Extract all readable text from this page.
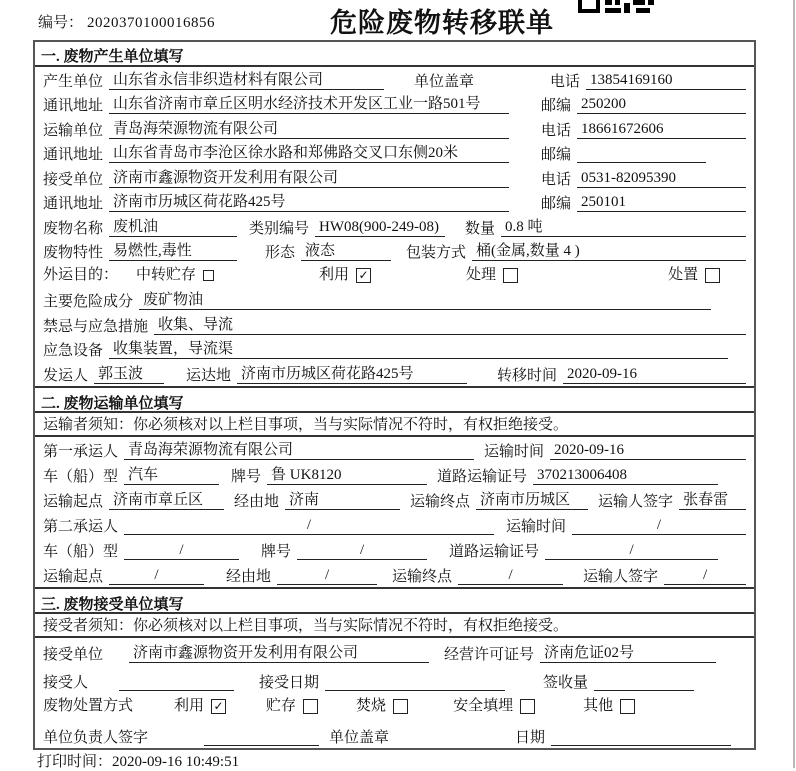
编号： 2020370100016856	危险废物转移联单
一. 废物产生单位填写
产生单位 山东省永信非织造材料有限公司	单位盖章	电话 13854169160
通讯地址 山东省济南市章丘区明水经济技术开发区工业一路501号	邮编 250200
运输单位 青岛海荣源物流有限公司	电话 18661672606
通讯地址 山东省青岛市李沧区徐水路和郑佛路交叉口东侧20米	邮编
接受单位 济南市鑫源物资开发利用有限公司	电话 0531-82095390
通讯地址 济南市历城区荷花路425号	邮编 250101
废物名称 废机油	类别编号 HW08(900-249-08)	数量 0.8 吨
废物特性 易燃性,毒性	形态 液态	包装方式 桶(金属,数量 4 )
外运目的： 中转贮存	利用 ✓	处理	处置
主要危险成分 废矿物油
禁忌与应急措施 收集、导流
应急设备 收集装置，导流渠
发运人 郭玉波	运达地 济南市历城区荷花路425号	转移时间 2020-09-16
二. 废物运输单位填写
运输者须知：你必须核对以上栏目事项，当与实际情况不符时，有权拒绝接受。
第一承运人 青岛海荣源物流有限公司	运输时间 2020-09-16
车（船）型 汽车	牌号 鲁 UK8120	道路运输证号 370213006408
运输起点 济南市章丘区	经由地 济南	运输终点 济南市历城区	运输人签字 张春雷
第二承运人	/	运输时间	/
车（船）型	/	牌号	/	道路运输证号	/
运输起点	/	经由地	/	运输终点	/	运输人签字	/
三. 废物接受单位填写
接受者须知：你必须核对以上栏目事项，当与实际情况不符时，有权拒绝接受。
接受单位 济南市鑫源物资开发利用有限公司	经营许可证号 济南危证02号
接受人	接受日期	签收量
废物处置方式	利用 ✓	贮存	焚烧	安全填埋	其他
单位负责人签字	单位盖章	日期
打印时间：2020-09-16 10:49:51
